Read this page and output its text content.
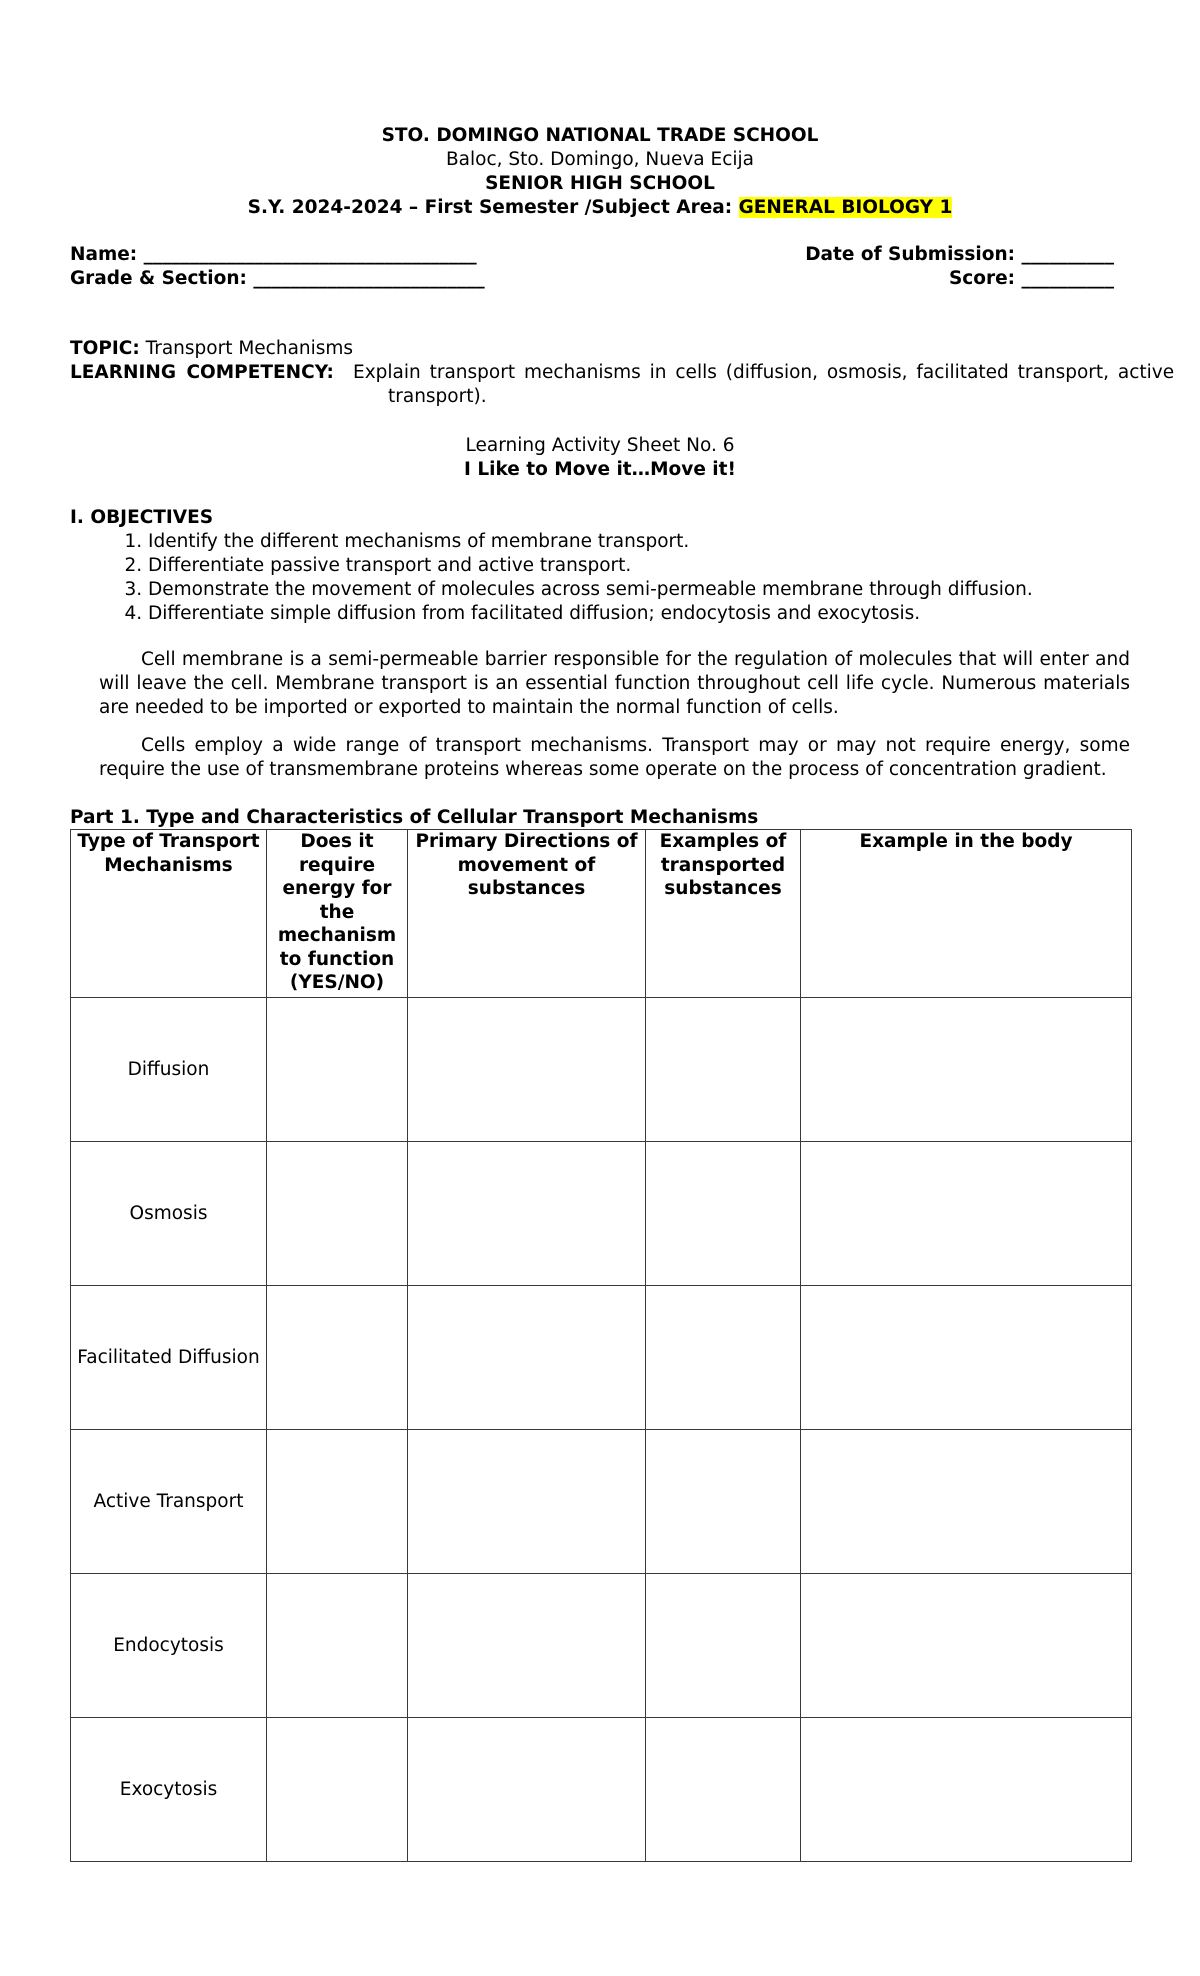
STO. DOMINGO NATIONAL TRADE SCHOOL
Baloc, Sto. Domingo, Nueva Ecija
SENIOR HIGH SCHOOL
S.Y. 2024-2024 – First Semester /Subject Area: GENERAL BIOLOGY 1
Name: ____________________________________	Date of Submission: __________
Grade & Section: _________________________	Score: __________
TOPIC: Transport Mechanisms
LEARNING COMPETENCY: Explain transport mechanisms in cells (diffusion, osmosis, facilitated transport, active
transport).
Learning Activity Sheet No. 6
I Like to Move it…Move it!
I. OBJECTIVES
1. Identify the different mechanisms of membrane transport.
2. Differentiate passive transport and active transport.
3. Demonstrate the movement of molecules across semi-permeable membrane through diffusion.
4. Differentiate simple diffusion from facilitated diffusion; endocytosis and exocytosis.
Cell membrane is a semi-permeable barrier responsible for the regulation of molecules that will enter and will leave the cell. Membrane transport is an essential function throughout cell life cycle. Numerous materials are needed to be imported or exported to maintain the normal function of cells.
Cells employ a wide range of transport mechanisms. Transport may or may not require energy, some require the use of transmembrane proteins whereas some operate on the process of concentration gradient.
Part 1. Type and Characteristics of Cellular Transport Mechanisms
Type of Transport Mechanisms	Does it require energy for the mechanism to function (YES/NO)	Primary Directions of movement of substances	Examples of transported substances	Example in the body
Diffusion				
Osmosis				
Facilitated Diffusion				
Active Transport				
Endocytosis				
Exocytosis				
